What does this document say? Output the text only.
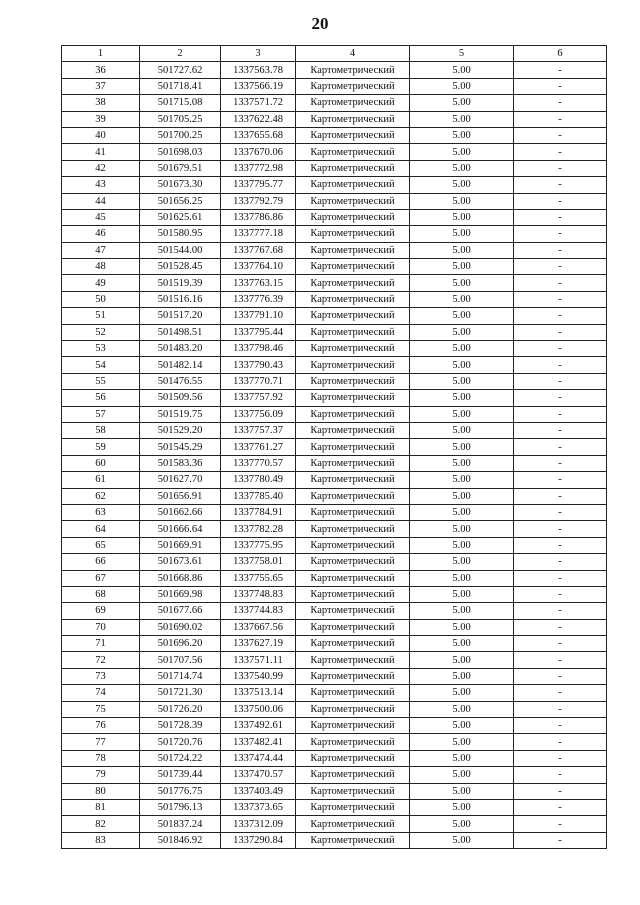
20
1	2	3	4	5	6
36	501727.62	1337563.78	Картометрический	5.00	-
37	501718.41	1337566.19	Картометрический	5.00	-
38	501715.08	1337571.72	Картометрический	5.00	-
39	501705.25	1337622.48	Картометрический	5.00	-
40	501700.25	1337655.68	Картометрический	5.00	-
41	501698.03	1337670.06	Картометрический	5.00	-
42	501679.51	1337772.98	Картометрический	5.00	-
43	501673.30	1337795.77	Картометрический	5.00	-
44	501656.25	1337792.79	Картометрический	5.00	-
45	501625.61	1337786.86	Картометрический	5.00	-
46	501580.95	1337777.18	Картометрический	5.00	-
47	501544.00	1337767.68	Картометрический	5.00	-
48	501528.45	1337764.10	Картометрический	5.00	-
49	501519.39	1337763.15	Картометрический	5.00	-
50	501516.16	1337776.39	Картометрический	5.00	-
51	501517.20	1337791.10	Картометрический	5.00	-
52	501498.51	1337795.44	Картометрический	5.00	-
53	501483.20	1337798.46	Картометрический	5.00	-
54	501482.14	1337790.43	Картометрический	5.00	-
55	501476.55	1337770.71	Картометрический	5.00	-
56	501509.56	1337757.92	Картометрический	5.00	-
57	501519.75	1337756.09	Картометрический	5.00	-
58	501529.20	1337757.37	Картометрический	5.00	-
59	501545.29	1337761.27	Картометрический	5.00	-
60	501583.36	1337770.57	Картометрический	5.00	-
61	501627.70	1337780.49	Картометрический	5.00	-
62	501656.91	1337785.40	Картометрический	5.00	-
63	501662.66	1337784.91	Картометрический	5.00	-
64	501666.64	1337782.28	Картометрический	5.00	-
65	501669.91	1337775.95	Картометрический	5.00	-
66	501673.61	1337758.01	Картометрический	5.00	-
67	501668.86	1337755.65	Картометрический	5.00	-
68	501669.98	1337748.83	Картометрический	5.00	-
69	501677.66	1337744.83	Картометрический	5.00	-
70	501690.02	1337667.56	Картометрический	5.00	-
71	501696.20	1337627.19	Картометрический	5.00	-
72	501707.56	1337571.11	Картометрический	5.00	-
73	501714.74	1337540.99	Картометрический	5.00	-
74	501721.30	1337513.14	Картометрический	5.00	-
75	501726.20	1337500.06	Картометрический	5.00	-
76	501728.39	1337492.61	Картометрический	5.00	-
77	501720.76	1337482.41	Картометрический	5.00	-
78	501724.22	1337474.44	Картометрический	5.00	-
79	501739.44	1337470.57	Картометрический	5.00	-
80	501776.75	1337403.49	Картометрический	5.00	-
81	501796.13	1337373.65	Картометрический	5.00	-
82	501837.24	1337312.09	Картометрический	5.00	-
83	501846.92	1337290.84	Картометрический	5.00	-
